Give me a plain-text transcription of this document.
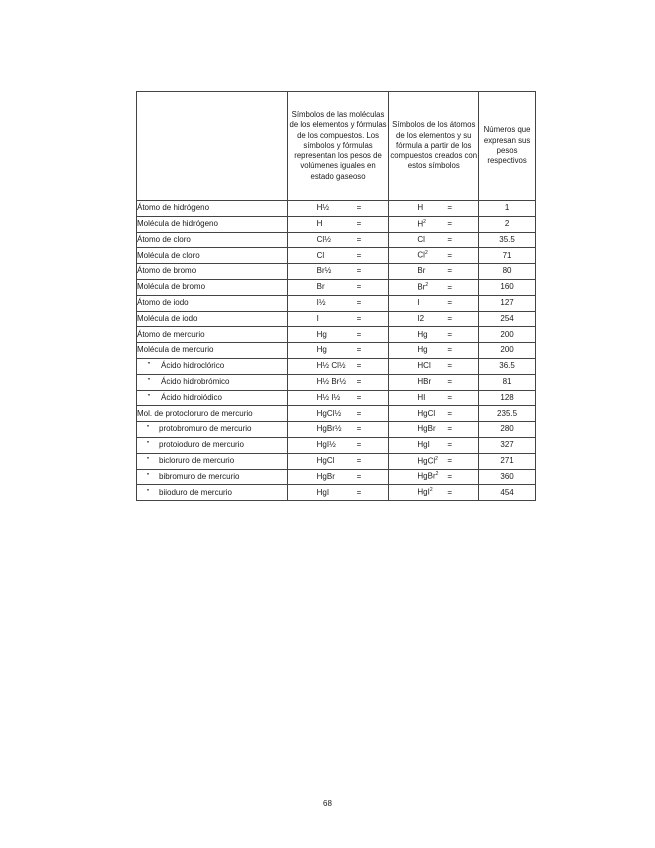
	Símbolos de las moléculas de los elementos y fórmulas de los compuestos. Los símbolos y fórmulas representan los pesos de volúmenes iguales en estado gaseoso	Símbolos de los átomos de los elementos y su fórmula a partir de los compuestos creados con estos símbolos	Números que expresan sus pesos respectivos
Átomo de hidrógeno	H½ =	H =	1
Molécula de hidrógeno	H =	$H^2$ =	2
Átomo de cloro	Cl½ =	Cl =	35.5
Molécula de cloro	Cl =	$Cl^2$ =	71
Átomo de bromo	Br½ =	Br =	80
Molécula de bromo	Br =	$Br^2$ =	160
Átomo de iodo	I½ =	I =	127
Molécula de iodo	I =	I2 =	254
Átomo de mercurio	Hg =	Hg =	200
Molécula de mercurio	Hg =	Hg =	200
” Ácido hidroclórico	H½ Cl½ =	HCl =	36.5
” Ácido hidrobrómico	H½ Br½ =	HBr =	81
” Ácido hidroiódico	H½ I½ =	HI =	128
Mol. de protocloruro de mercurio	HgCl½ =	HgCl =	235.5
” protobromuro de mercurio	HgBr½ =	HgBr =	280
” protoioduro de mercurio	HgI½ =	HgI =	327
” bicloruro de mercurio	HgCl =	HgCl$^2$ =	271
” bibromuro de mercurio	HgBr =	HgBr$^2$ =	360
” biioduro de mercurio	HgI =	HgI$^2$ =	454
68
